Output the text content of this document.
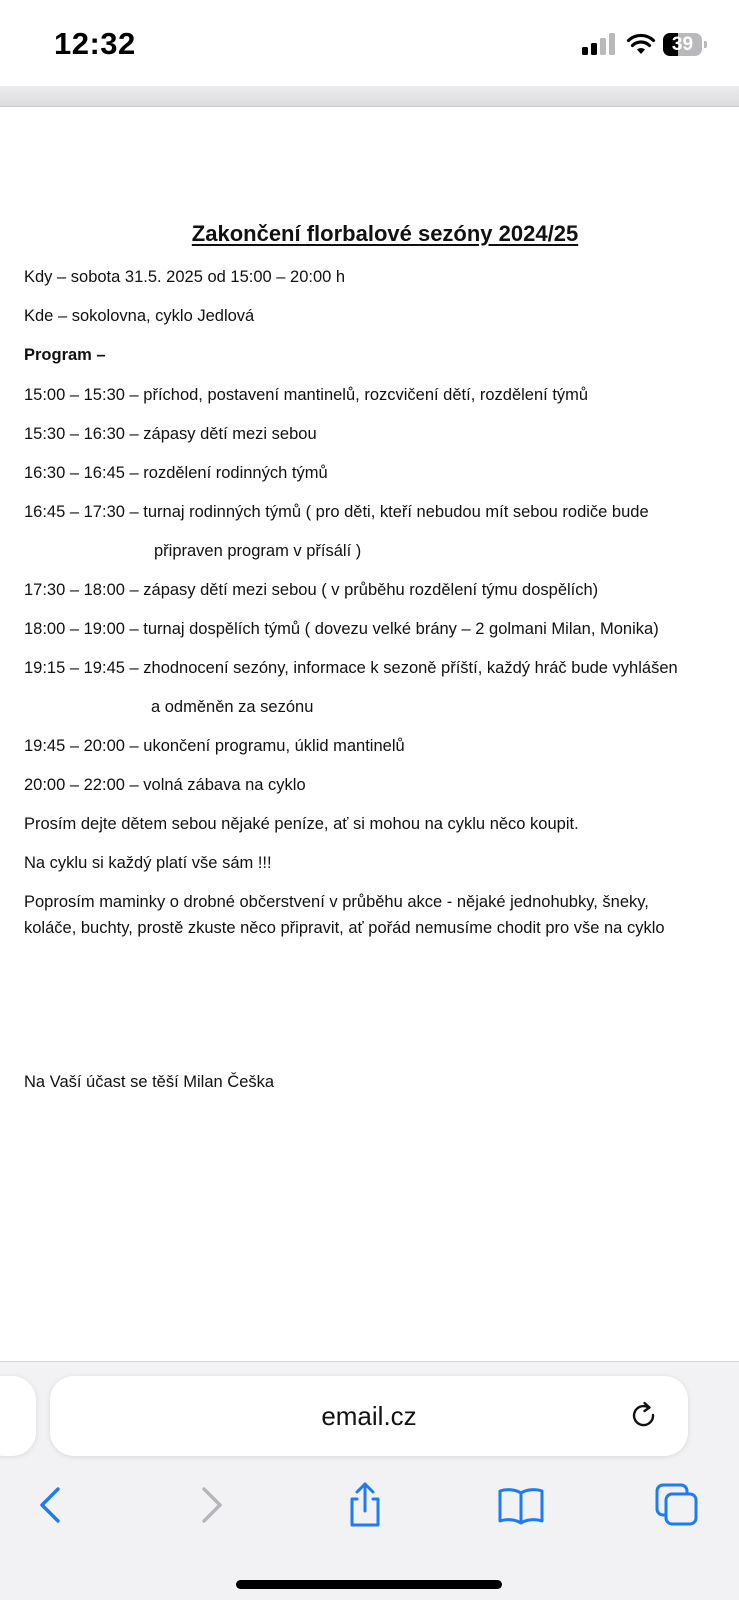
12:32	39
Zakončení florbalové sezóny 2024/25
Kdy – sobota 31.5. 2025 od 15:00 – 20:00 h
Kde – sokolovna, cyklo Jedlová
Program –
15:00 – 15:30 – příchod, postavení mantinelů, rozcvičení dětí, rozdělení týmů
15:30 – 16:30 – zápasy dětí mezi sebou
16:30 – 16:45 – rozdělení rodinných týmů
16:45 – 17:30 – turnaj rodinných týmů ( pro děti, kteří nebudou mít sebou rodiče bude
připraven program v přísálí )
17:30 – 18:00 – zápasy dětí mezi sebou ( v průběhu rozdělení týmu dospělích)
18:00 – 19:00 – turnaj dospělích týmů ( dovezu velké brány – 2 golmani Milan, Monika)
19:15 – 19:45 – zhodnocení sezóny, informace k sezoně příští, každý hráč bude vyhlášen
a odměněn za sezónu
19:45 – 20:00 – ukončení programu, úklid mantinelů
20:00 – 22:00 – volná zábava na cyklo
Prosím dejte dětem sebou nějaké peníze, ať si mohou na cyklu něco koupit.
Na cyklu si každý platí vše sám !!!
Poprosím maminky o drobné občerstvení v průběhu akce - nějaké jednohubky, šneky,
koláče, buchty, prostě zkuste něco připravit, ať pořád nemusíme chodit pro vše na cyklo
Na Vaší účast se těší Milan Češka
email.cz
